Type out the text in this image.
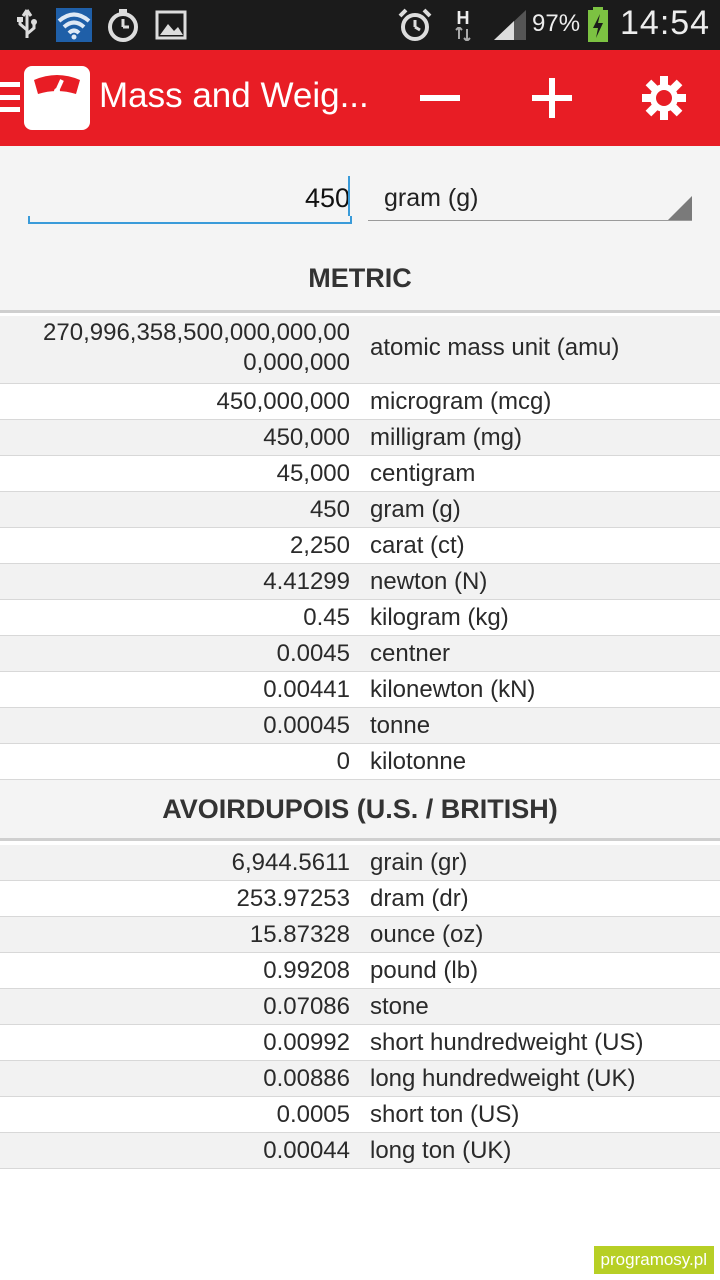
H	97% 14:54
Mass and Weig...
450
gram (g)
METRIC
270,996,358,500,000,000,00
0,000,000
atomic mass unit (amu)
450,000,000 microgram (mcg)
450,000 milligram (mg)
45,000 centigram
450 gram (g)
2,250 carat (ct)
4.41299 newton (N)
0.45 kilogram (kg)
0.0045 centner
0.00441 kilonewton (kN)
0.00045 tonne
0 kilotonne
AVOIRDUPOIS (U.S. / BRITISH)
6,944.5611 grain (gr)
253.97253 dram (dr)
15.87328 ounce (oz)
0.99208 pound (lb)
0.07086 stone
0.00992 short hundredweight (US)
0.00886 long hundredweight (UK)
0.0005 short ton (US)
0.00044 long ton (UK)
programosy.pl
